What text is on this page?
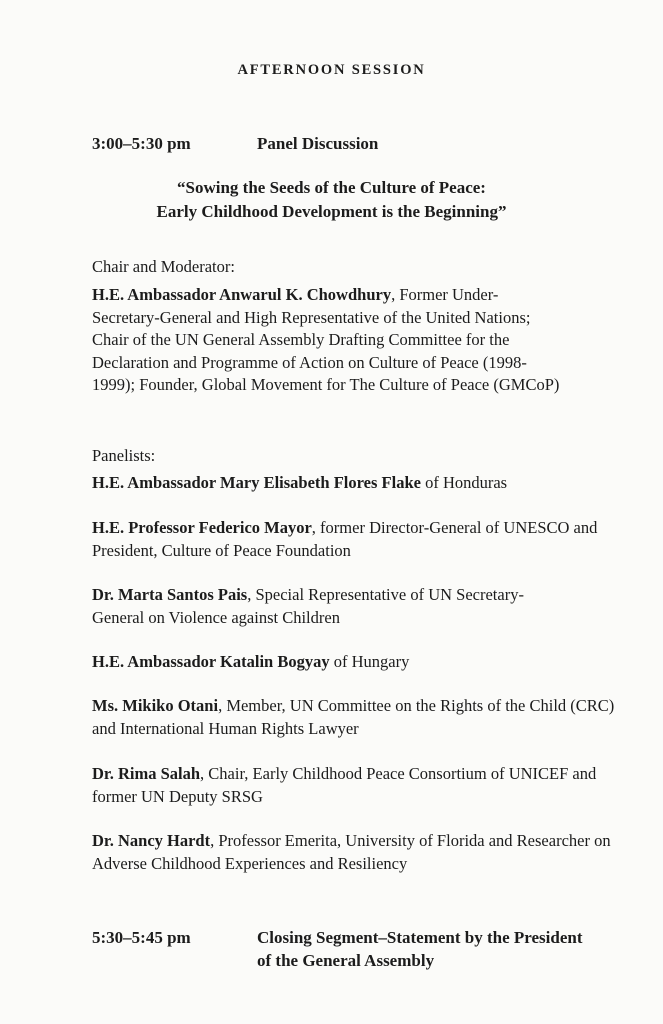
AFTERNOON SESSION
3:00–5:30 pm	Panel Discussion
“Sowing the Seeds of the Culture of Peace:
Early Childhood Development is the Beginning”
Chair and Moderator:
H.E. Ambassador Anwarul K. Chowdhury, Former Under-Secretary-General and High Representative of the United Nations; Chair of the UN General Assembly Drafting Committee for the Declaration and Programme of Action on Culture of Peace (1998-1999); Founder, Global Movement for The Culture of Peace (GMCoP)
Panelists:
H.E. Ambassador Mary Elisabeth Flores Flake of Honduras
H.E. Professor Federico Mayor, former Director-General of UNESCO and President, Culture of Peace Foundation
Dr. Marta Santos Pais, Special Representative of UN Secretary-General on Violence against Children
H.E. Ambassador Katalin Bogyay of Hungary
Ms. Mikiko Otani, Member, UN Committee on the Rights of the Child (CRC) and International Human Rights Lawyer
Dr. Rima Salah, Chair, Early Childhood Peace Consortium of UNICEF and former UN Deputy SRSG
Dr. Nancy Hardt, Professor Emerita, University of Florida and Researcher on Adverse Childhood Experiences and Resiliency
5:30–5:45 pm	Closing Segment–Statement by the President of the General Assembly
